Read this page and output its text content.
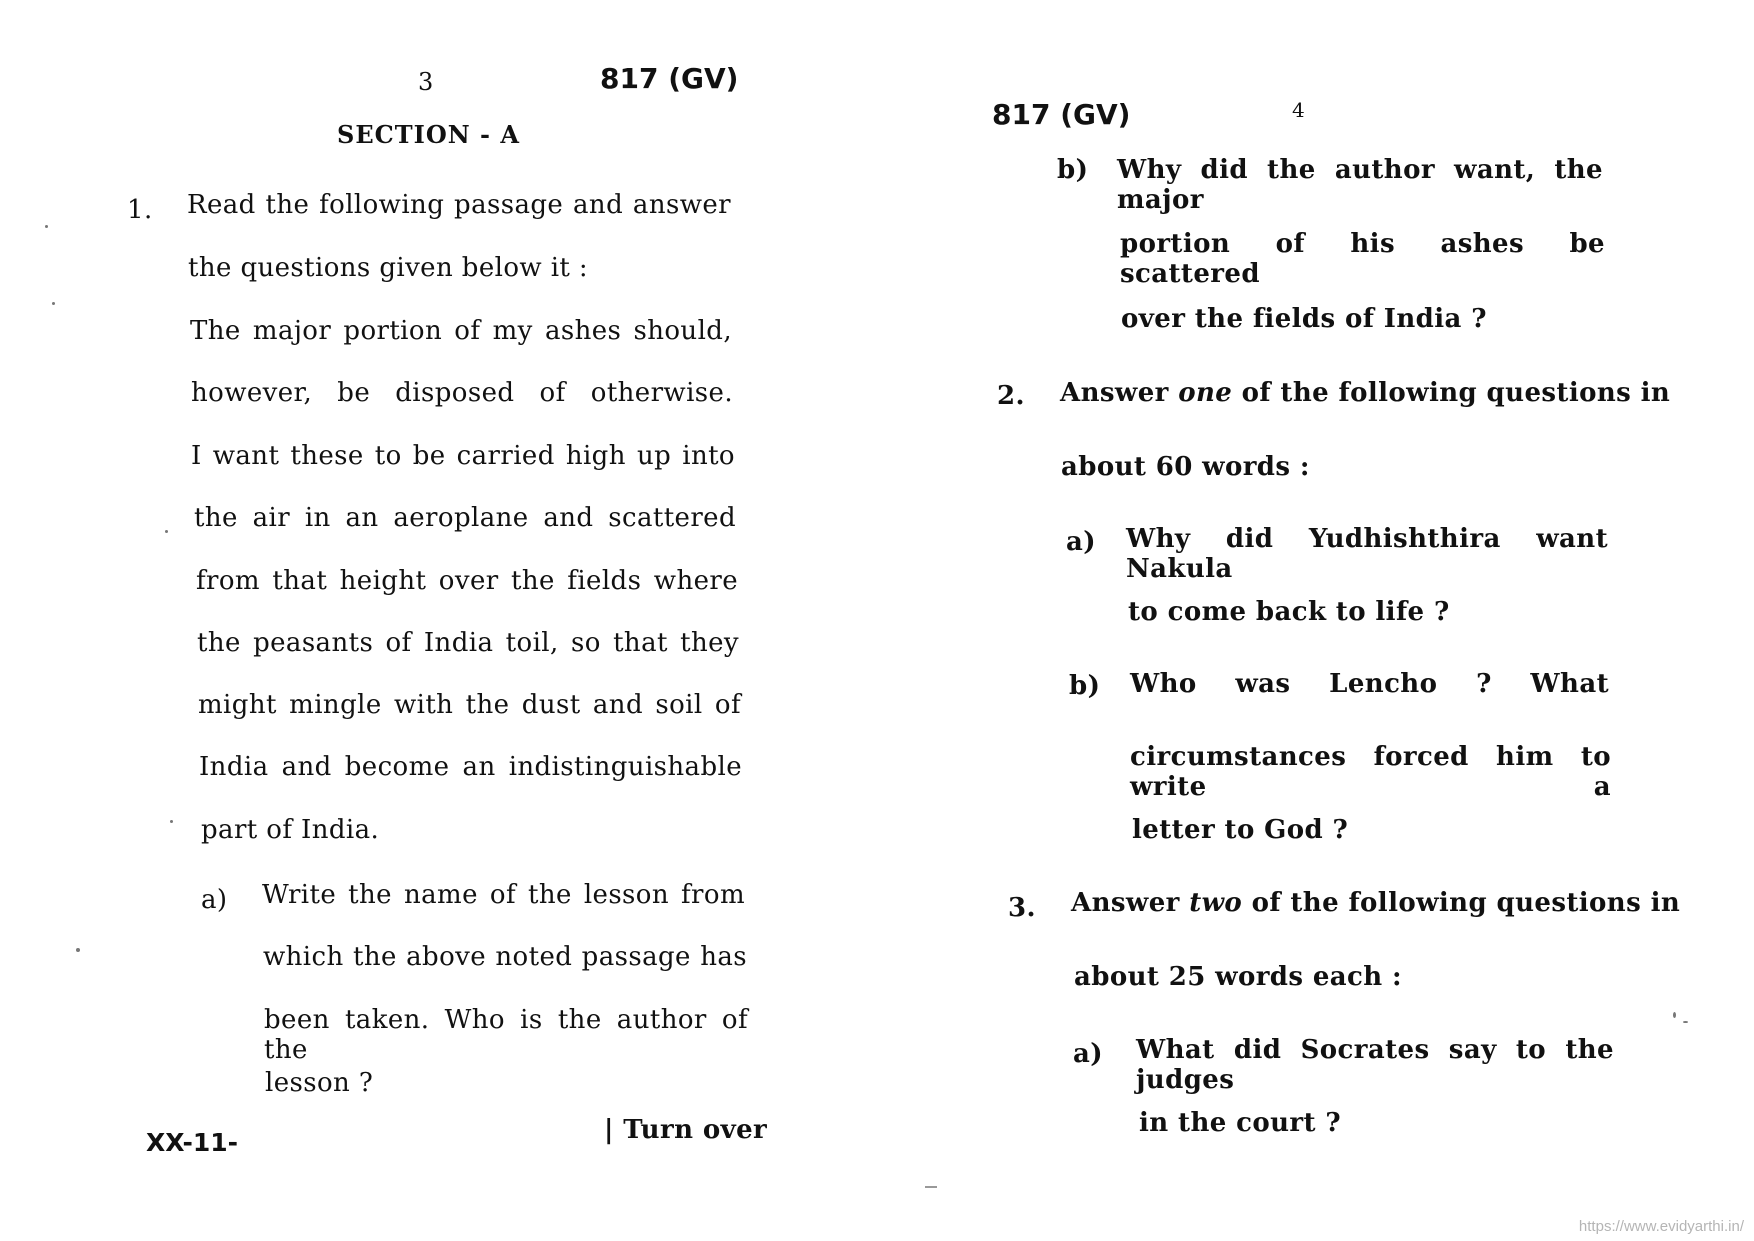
3	817 (GV)
SECTION - A
1. Read the following passage and answer
the questions given below it :
The major portion of my ashes should,
however, be disposed of otherwise.
I want these to be carried high up into
the air in an aeroplane and scattered
from that height over the fields where
the peasants of India toil, so that they
might mingle with the dust and soil of
India and become an indistinguishable
part of India.
a) Write the name of the lesson from
which the above noted passage has
been taken. Who is the author of the
lesson ?
XX-11-	| Turn over
817 (GV)	4
b) Why did the author want, the major
portion of his ashes be scattered
over the fields of India ?
2. Answer one of the following questions in
about 60 words :
a) Why did Yudhishthira want Nakula
to come back to life ?
b) Who was Lencho ? What
circumstances forced him to write a
letter to God ?
3. Answer two of the following questions in
about 25 words each :
a) What did Socrates say to the judges
in the court ?
https://www.evidyarthi.in/
